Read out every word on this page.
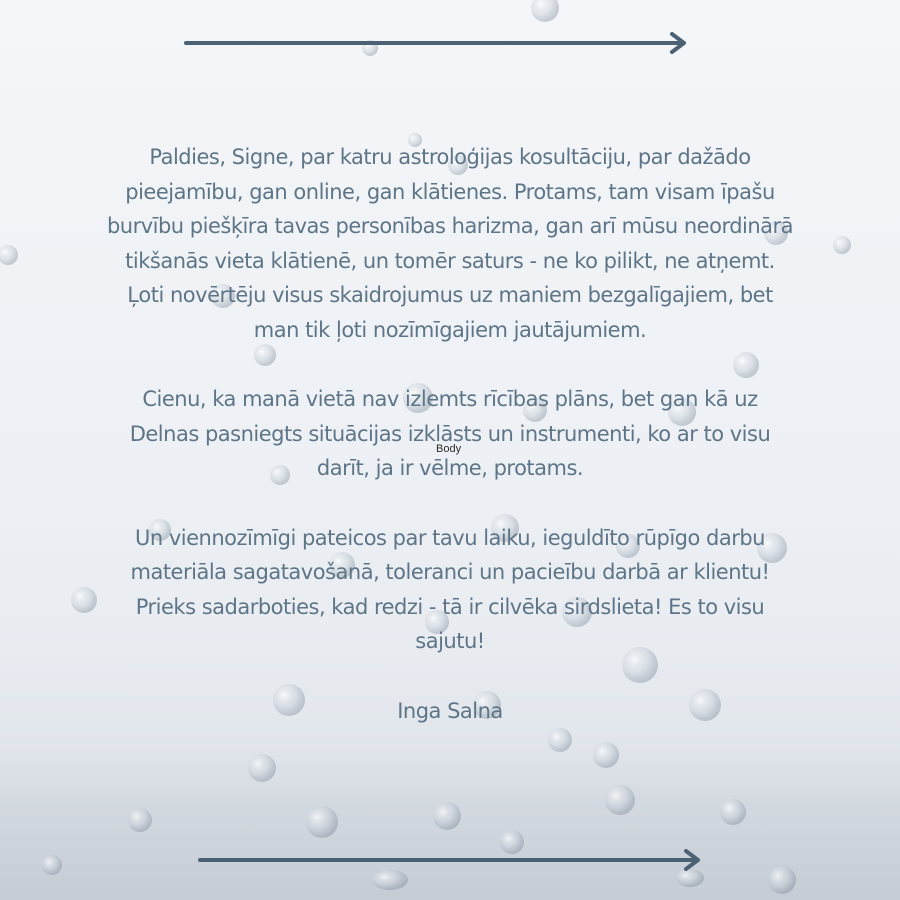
Paldies, Signe, par katru astroloģijas kosultāciju, par dažādo pieejamību, gan online, gan klātienes. Protams, tam visam īpašu burvību piešķīra tavas personības harizma, gan arī mūsu neordinārā tikšanās vieta klātienē, un tomēr saturs - ne ko pilikt, ne atņemt.

Ļoti novērtēju visus skaidrojumus uz maniem bezgalīgajiem, bet man tik ļoti nozīmīgajiem jautājumiem.

Cienu, ka manā vietā nav izlemts rīcības plāns, bet gan kā uz Delnas pasniegts situācijas izklāsts un instrumenti, ko ar to visu darīt, ja ir vēlme, protams.

Un viennozīmīgi pateicos par tavu laiku, ieguldīto rūpīgo darbu materiāla sagatavošanā, toleranci un pacieību darbā ar klientu! Prieks sadarboties, kad redzi - tā ir cilvēka sirdslieta! Es to visu sajutu!

Inga Salna

Body
